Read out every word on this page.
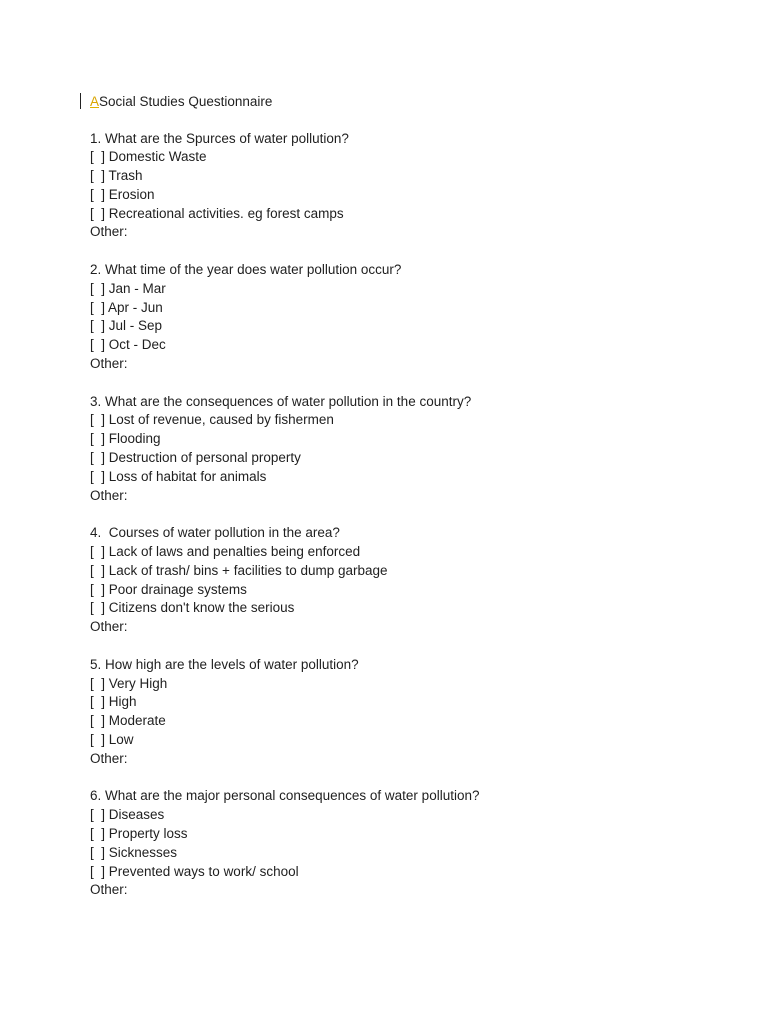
A Social Studies Questionnaire
1. What are the Spurces of water pollution?
[  ] Domestic Waste
[  ] Trash
[  ] Erosion
[  ] Recreational activities. eg forest camps
Other:
2. What time of the year does water pollution occur?
[  ] Jan - Mar
[  ] Apr - Jun
[  ] Jul - Sep
[  ] Oct - Dec
Other:
3. What are the consequences of water pollution in the country?
[  ] Lost of revenue, caused by fishermen
[  ] Flooding
[  ] Destruction of personal property
[  ] Loss of habitat for animals
Other:
4.  Courses of water pollution in the area?
[  ] Lack of laws and penalties being enforced
[  ] Lack of trash/ bins + facilities to dump garbage
[  ] Poor drainage systems
[  ] Citizens don't know the serious
Other:
5. How high are the levels of water pollution?
[  ] Very High
[  ] High
[  ] Moderate
[  ] Low
Other:
6. What are the major personal consequences of water pollution?
[  ] Diseases
[  ] Property loss
[  ] Sicknesses
[  ] Prevented ways to work/ school
Other:
